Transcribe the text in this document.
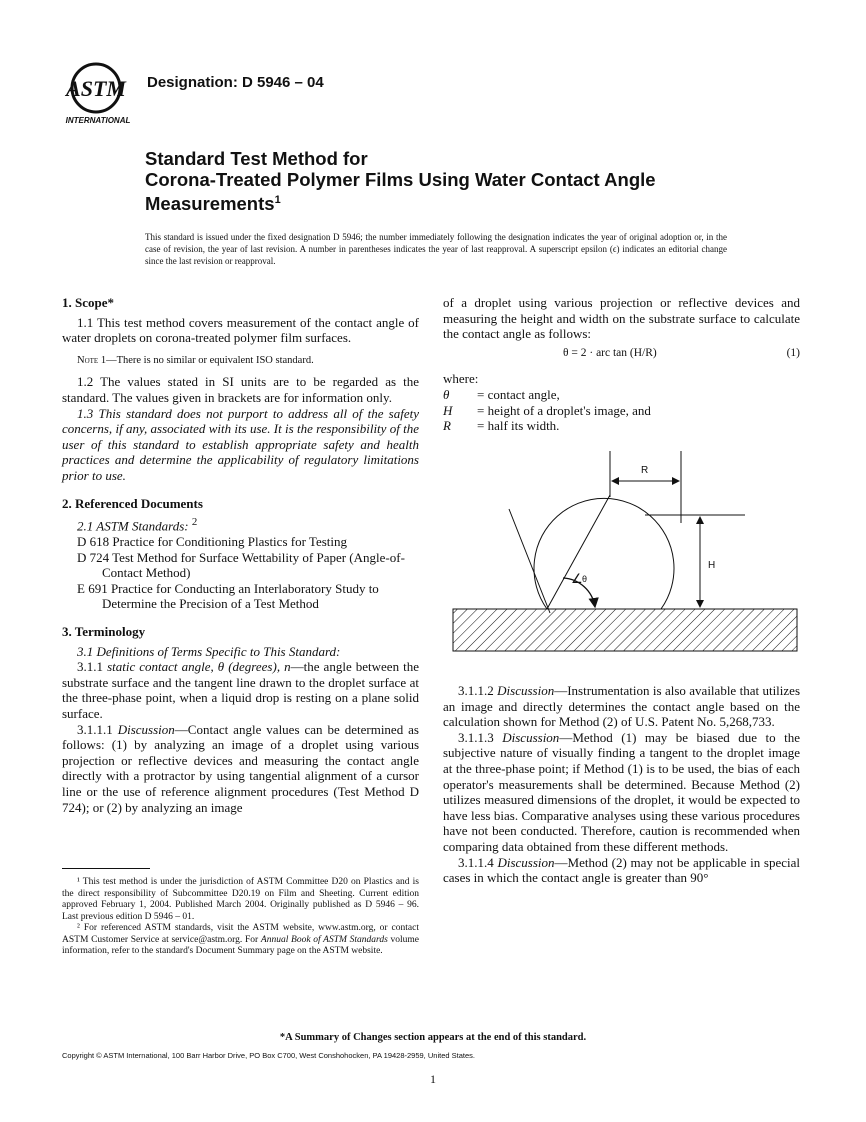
ASTM
INTERNATIONAL
Designation: D 5946 – 04
Standard Test Method for
Corona-Treated Polymer Films Using Water Contact Angle
Measurements$^1$
This standard is issued under the fixed designation D 5946; the number immediately following the designation indicates the year of original adoption or, in the case of revision, the year of last revision. A number in parentheses indicates the year of last reapproval. A superscript epsilon (ϵ) indicates an editorial change since the last revision or reapproval.
1. Scope*

1.1 This test method covers measurement of the contact angle of water droplets on corona-treated polymer film surfaces.

Note 1—There is no similar or equivalent ISO standard.

1.2 The values stated in SI units are to be regarded as the standard. The values given in brackets are for information only.

1.3 This standard does not purport to address all of the safety concerns, if any, associated with its use. It is the responsibility of the user of this standard to establish appropriate safety and health practices and determine the applicability of regulatory limitations prior to use.

2. Referenced Documents

2.1 ASTM Standards: $^2$

D 618 Practice for Conditioning Plastics for Testing

D 724 Test Method for Surface Wettability of Paper (Angle-of-Contact Method)

E 691 Practice for Conducting an Interlaboratory Study to Determine the Precision of a Test Method

3. Terminology

3.1 Definitions of Terms Specific to This Standard:

3.1.1 static contact angle, θ (degrees), n—the angle between the substrate surface and the tangent line drawn to the droplet surface at the three-phase point, when a liquid drop is resting on a plane solid surface.

3.1.1.1 Discussion—Contact angle values can be determined as follows: (1) by analyzing an image of a droplet using various projection or reflective devices and measuring the contact angle directly with a protractor by using tangential alignment of a cursor line or the use of reference alignment procedures (Test Method D 724); or (2) by analyzing an image

of a droplet using various projection or reflective devices and measuring the height and width on the substrate surface to calculate the contact angle as follows:

θ = 2 · arc tan (H/R)	(1)

where:

θ	= contact angle,
H	= height of a droplet's image, and
R	= half its width.
R
H
∠ θ

3.1.1.2 Discussion—Instrumentation is also available that utilizes an image and directly determines the contact angle based on the calculation shown for Method (2) of U.S. Patent No. 5,268,733.

3.1.1.3 Discussion—Method (1) may be biased due to the subjective nature of visually finding a tangent to the droplet image at the three-phase point; if Method (1) is to be used, the bias of each operator's measurements shall be determined. Because Method (2) utilizes measured dimensions of the droplet, it would be expected to have less bias. Comparative analyses using these various procedures have not been conducted. Therefore, caution is recommended when comparing data obtained from these different methods.

3.1.1.4 Discussion—Method (2) may not be applicable in special cases in which the contact angle is greater than 90°

¹ This test method is under the jurisdiction of ASTM Committee D20 on Plastics and is the direct responsibility of Subcommittee D20.19 on Film and Sheeting. Current edition approved February 1, 2004. Published March 2004. Originally published as D 5946 – 96. Last previous edition D 5946 – 01.

² For referenced ASTM standards, visit the ASTM website, www.astm.org, or contact ASTM Customer Service at service@astm.org. For Annual Book of ASTM Standards volume information, refer to the standard's Document Summary page on the ASTM website.

*A Summary of Changes section appears at the end of this standard.
Copyright © ASTM International, 100 Barr Harbor Drive, PO Box C700, West Conshohocken, PA 19428-2959, United States.
1
